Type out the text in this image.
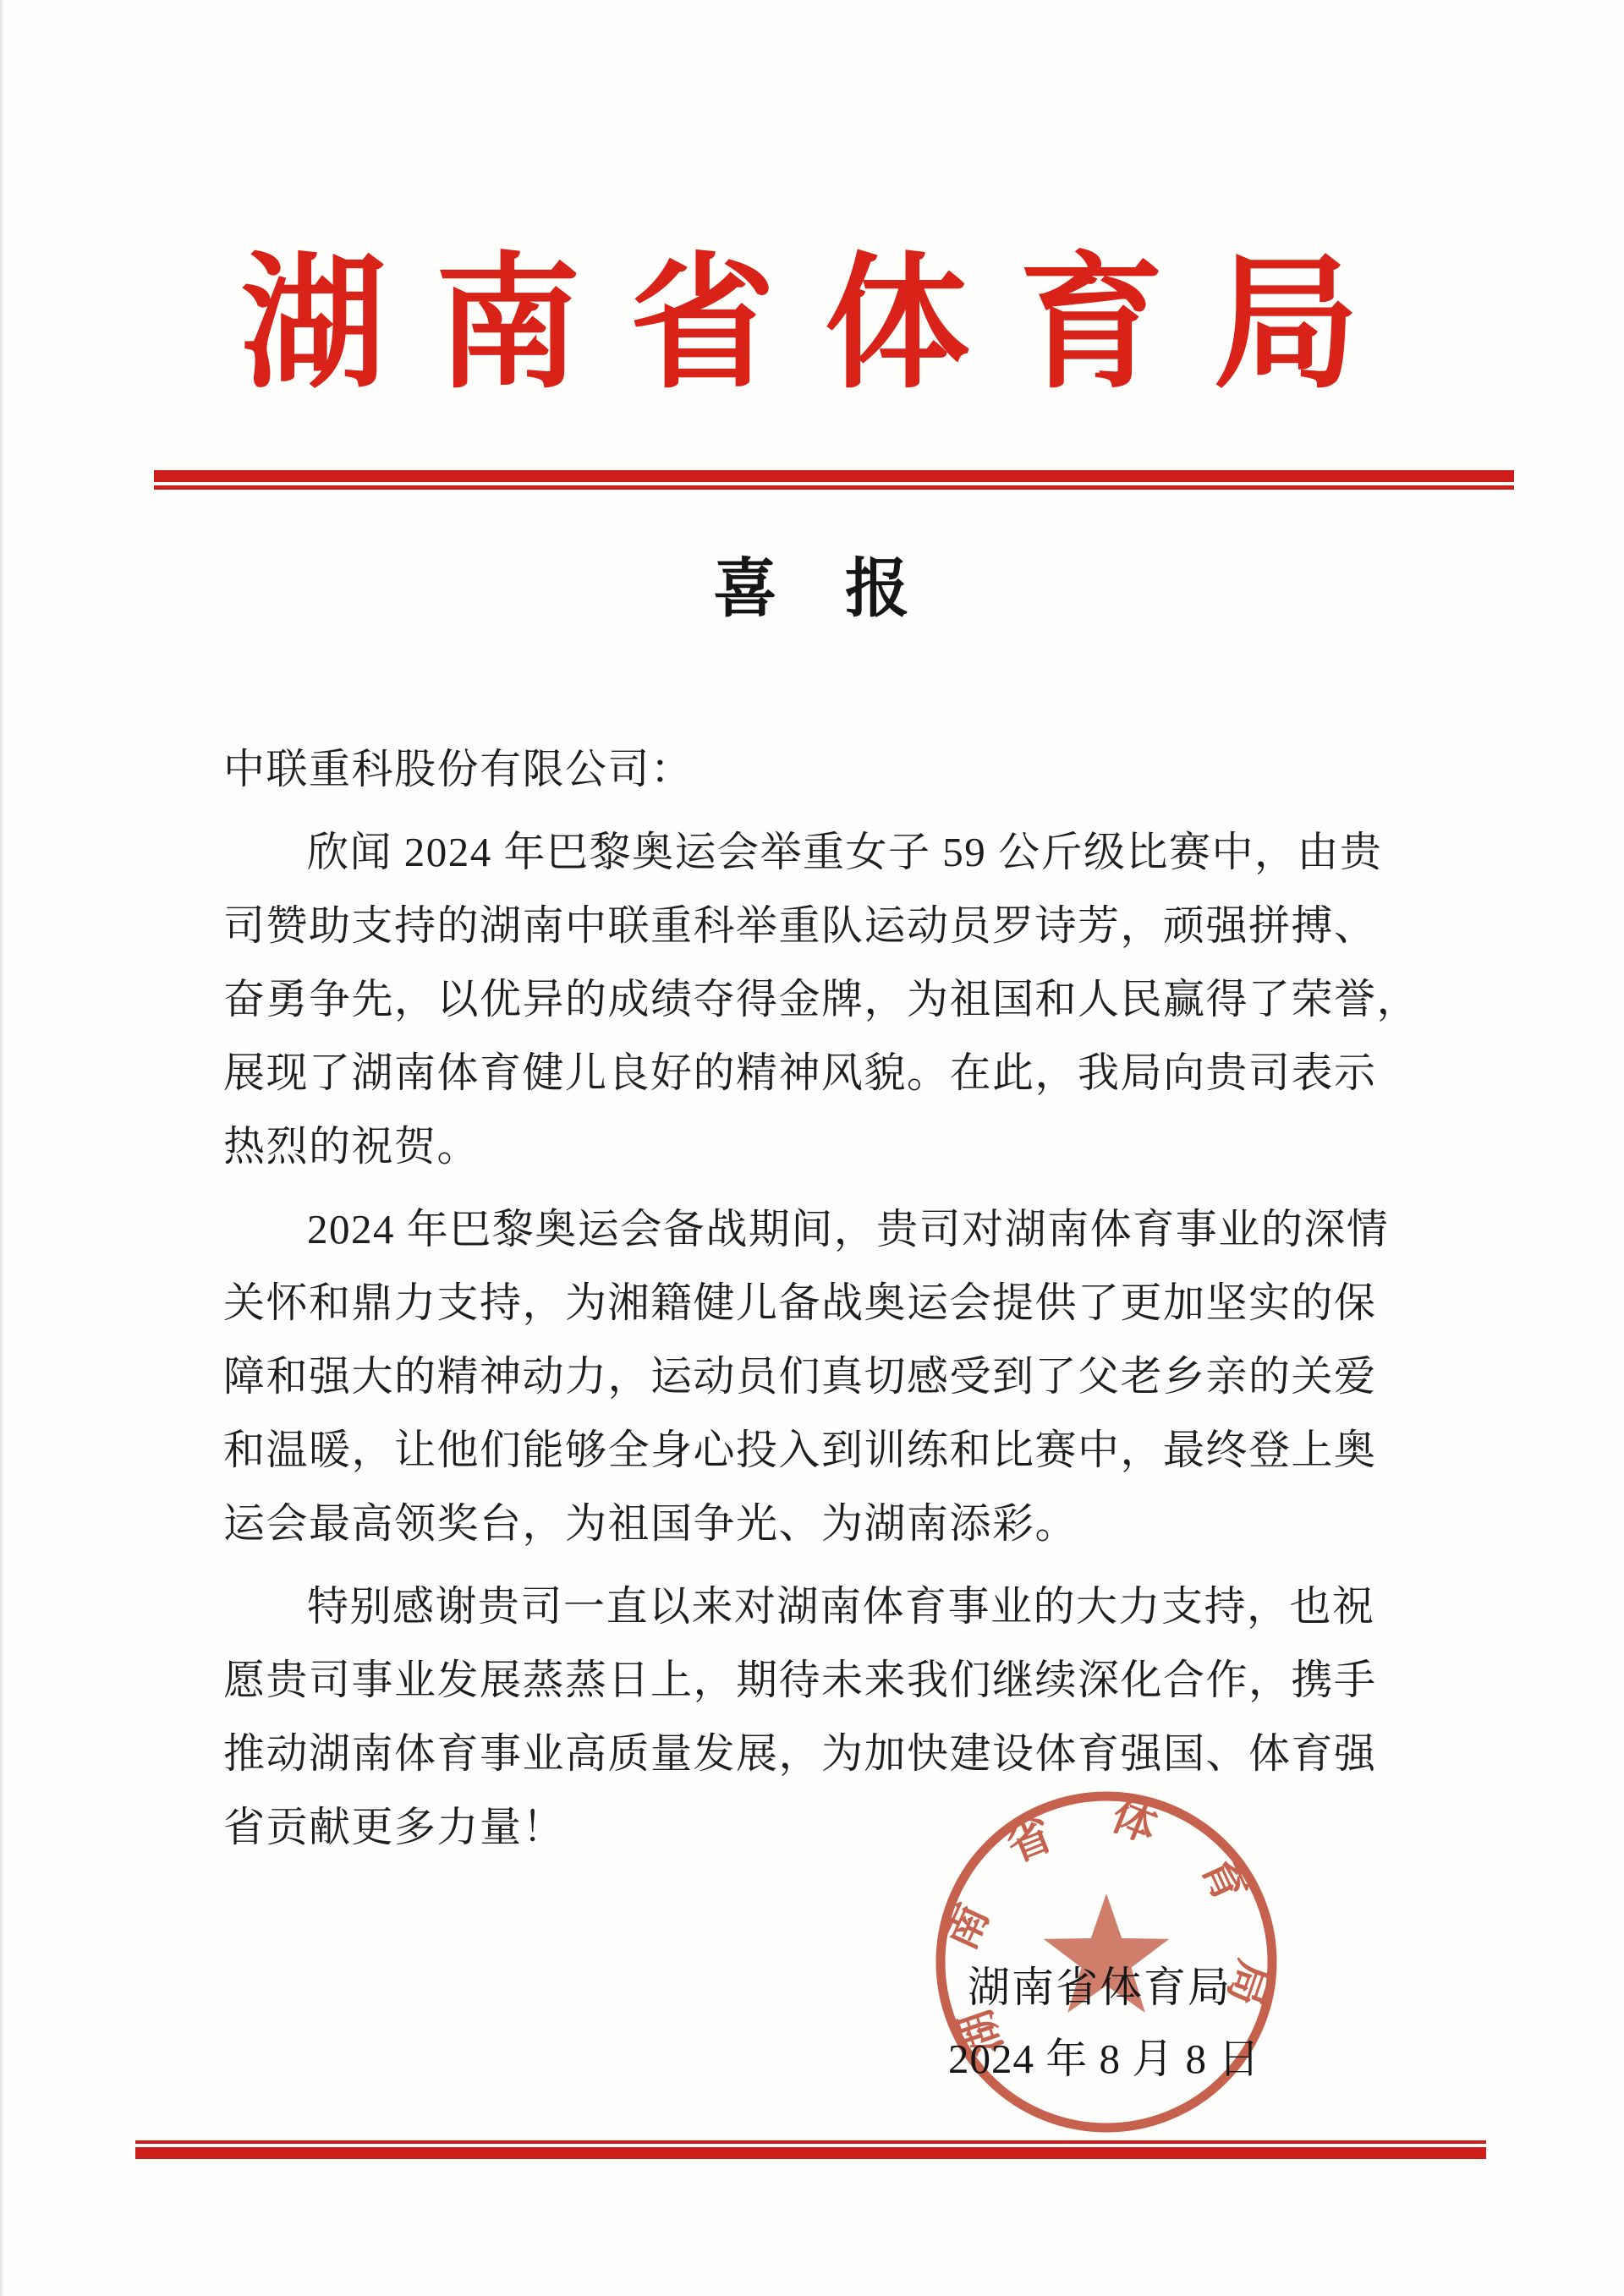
湖南省体育局
喜　报
中联重科股份有限公司：
欣闻 2024 年巴黎奥运会举重女子 59 公斤级比赛中，由贵
司赞助支持的湖南中联重科举重队运动员罗诗芳，顽强拼搏、
奋勇争先，以优异的成绩夺得金牌，为祖国和人民赢得了荣誉，
展现了湖南体育健儿良好的精神风貌。在此，我局向贵司表示
热烈的祝贺。
2024 年巴黎奥运会备战期间，贵司对湖南体育事业的深情
关怀和鼎力支持，为湘籍健儿备战奥运会提供了更加坚实的保
障和强大的精神动力，运动员们真切感受到了父老乡亲的关爱
和温暖，让他们能够全身心投入到训练和比赛中，最终登上奥
运会最高领奖台，为祖国争光、为湖南添彩。
特别感谢贵司一直以来对湖南体育事业的大力支持，也祝
愿贵司事业发展蒸蒸日上，期待未来我们继续深化合作，携手
推动湖南体育事业高质量发展，为加快建设体育强国、体育强
省贡献更多力量！
湖南省体育局
湖南省体育局
2024 年 8 月 8 日
